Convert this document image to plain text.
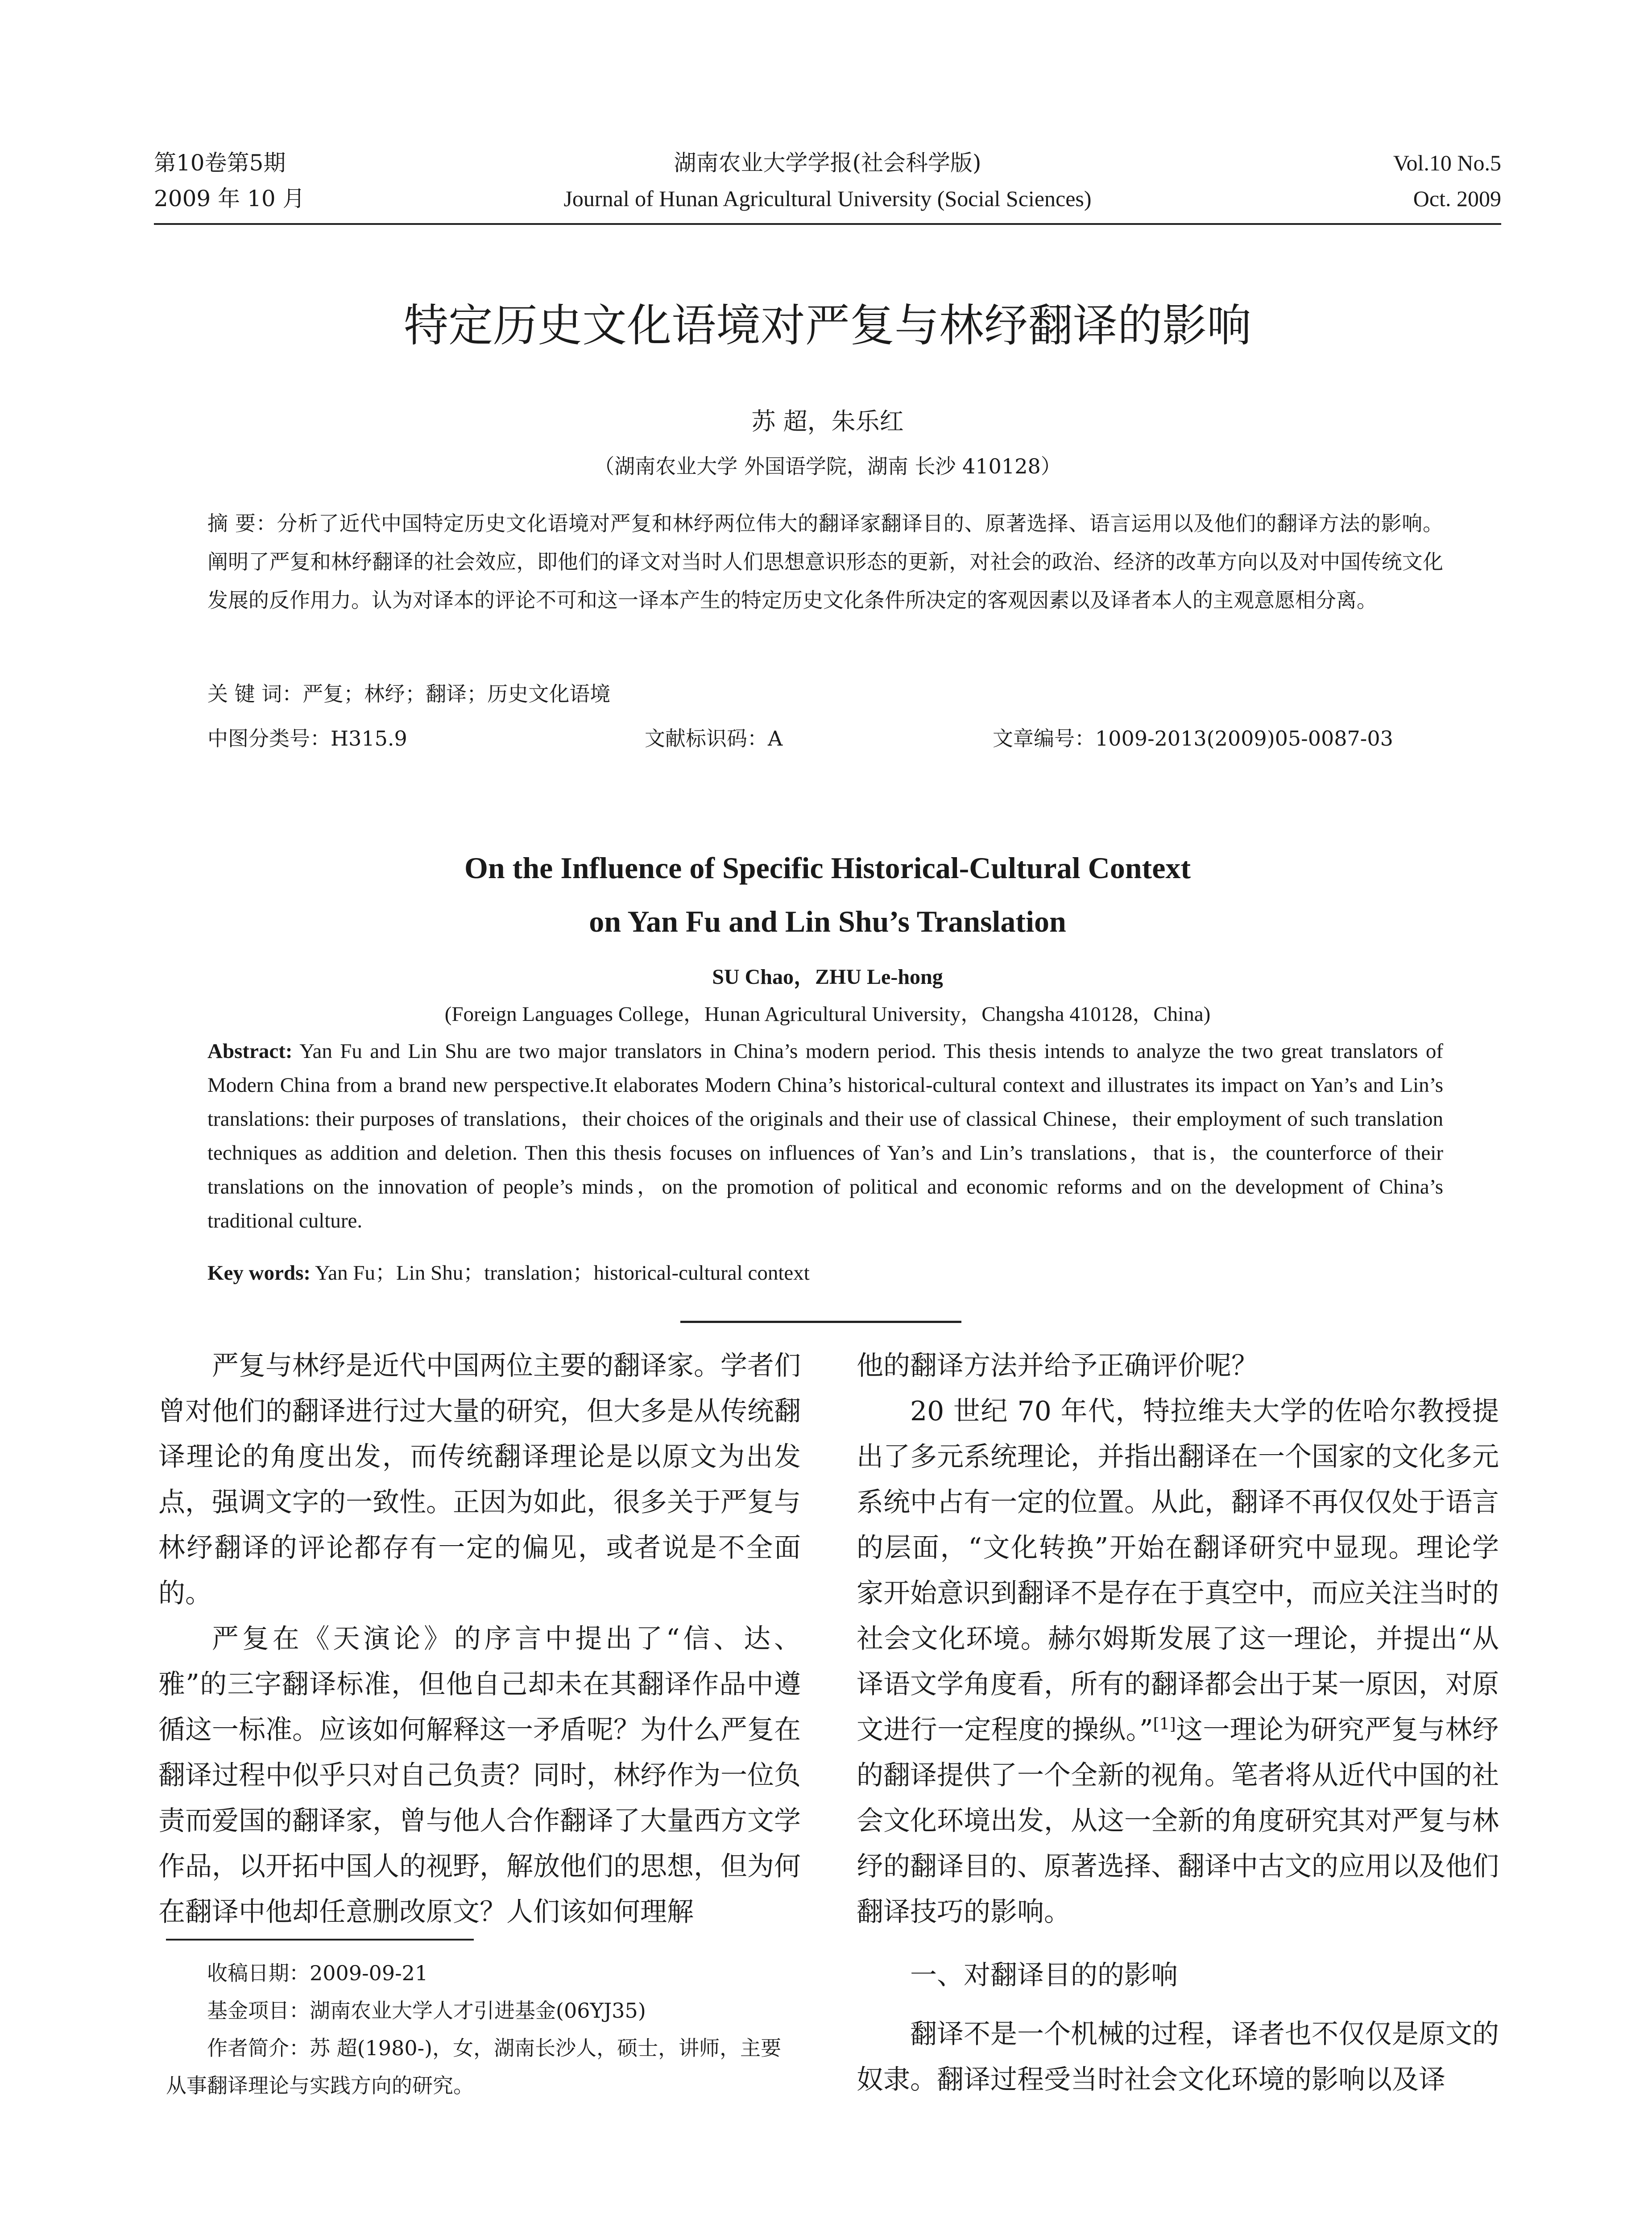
第10卷第5期
2009 年 10 月
湖南农业大学学报(社会科学版)
Journal of Hunan Agricultural University (Social Sciences)
Vol.10 No.5
Oct. 2009
特定历史文化语境对严复与林纾翻译的影响
苏 超，朱乐红
（湖南农业大学 外国语学院，湖南 长沙 410128）
摘 要：分析了近代中国特定历史文化语境对严复和林纾两位伟大的翻译家翻译目的、原著选择、语言运用以及他们的翻译方法的影响。阐明了严复和林纾翻译的社会效应，即他们的译文对当时人们思想意识形态的更新，对社会的政治、经济的改革方向以及对中国传统文化发展的反作用力。认为对译本的评论不可和这一译本产生的特定历史文化条件所决定的客观因素以及译者本人的主观意愿相分离。
关 键 词：严复；林纾；翻译；历史文化语境
中图分类号：H315.9	文献标识码：A	文章编号：1009-2013(2009)05-0087-03
On the Influence of Specific Historical-Cultural Context
on Yan Fu and Lin Shu’s Translation
SU Chao，ZHU Le-hong
(Foreign Languages College，Hunan Agricultural University，Changsha 410128，China)
Abstract: Yan Fu and Lin Shu are two major translators in China’s modern period. This thesis intends to analyze the two great translators of Modern China from a brand new perspective.It elaborates Modern China’s historical-cultural context and illustrates its impact on Yan’s and Lin’s translations: their purposes of translations，their choices of the originals and their use of classical Chinese，their employment of such translation techniques as addition and deletion. Then this thesis focuses on influences of Yan’s and Lin’s translations，that is，the counterforce of their translations on the innovation of people’s minds，on the promotion of political and economic reforms and on the development of China’s traditional culture.
Key words: Yan Fu；Lin Shu；translation；historical-cultural context

严复与林纾是近代中国两位主要的翻译家。学者们曾对他们的翻译进行过大量的研究，但大多是从传统翻译理论的角度出发，而传统翻译理论是以原文为出发点，强调文字的一致性。正因为如此，很多关于严复与林纾翻译的评论都存有一定的偏见，或者说是不全面的。

严复在《天演论》的序言中提出了“信、达、雅”的三字翻译标准，但他自己却未在其翻译作品中遵循这一标准。应该如何解释这一矛盾呢？为什么严复在翻译过程中似乎只对自己负责？同时，林纾作为一位负责而爱国的翻译家，曾与他人合作翻译了大量西方文学作品，以开拓中国人的视野，解放他们的思想，但为何在翻译中他却任意删改原文？人们该如何理解

他的翻译方法并给予正确评价呢？

20 世纪 70 年代，特拉维夫大学的佐哈尔教授提出了多元系统理论，并指出翻译在一个国家的文化多元系统中占有一定的位置。从此，翻译不再仅仅处于语言的层面，“文化转换”开始在翻译研究中显现。理论学家开始意识到翻译不是存在于真空中，而应关注当时的社会文化环境。赫尔姆斯发展了这一理论，并提出“从译语文学角度看，所有的翻译都会出于某一原因，对原文进行一定程度的操纵。”[1]这一理论为研究严复与林纾的翻译提供了一个全新的视角。笔者将从近代中国的社会文化环境出发，从这一全新的角度研究其对严复与林纾的翻译目的、原著选择、翻译中古文的应用以及他们翻译技巧的影响。

一、对翻译目的的影响

翻译不是一个机械的过程，译者也不仅仅是原文的奴隶。翻译过程受当时社会文化环境的影响以及译

收稿日期：2009-09-21
基金项目：湖南农业大学人才引进基金(06YJ35)
作者简介：苏 超(1980-)，女，湖南长沙人，硕士，讲师，主要从事翻译理论与实践方向的研究。
